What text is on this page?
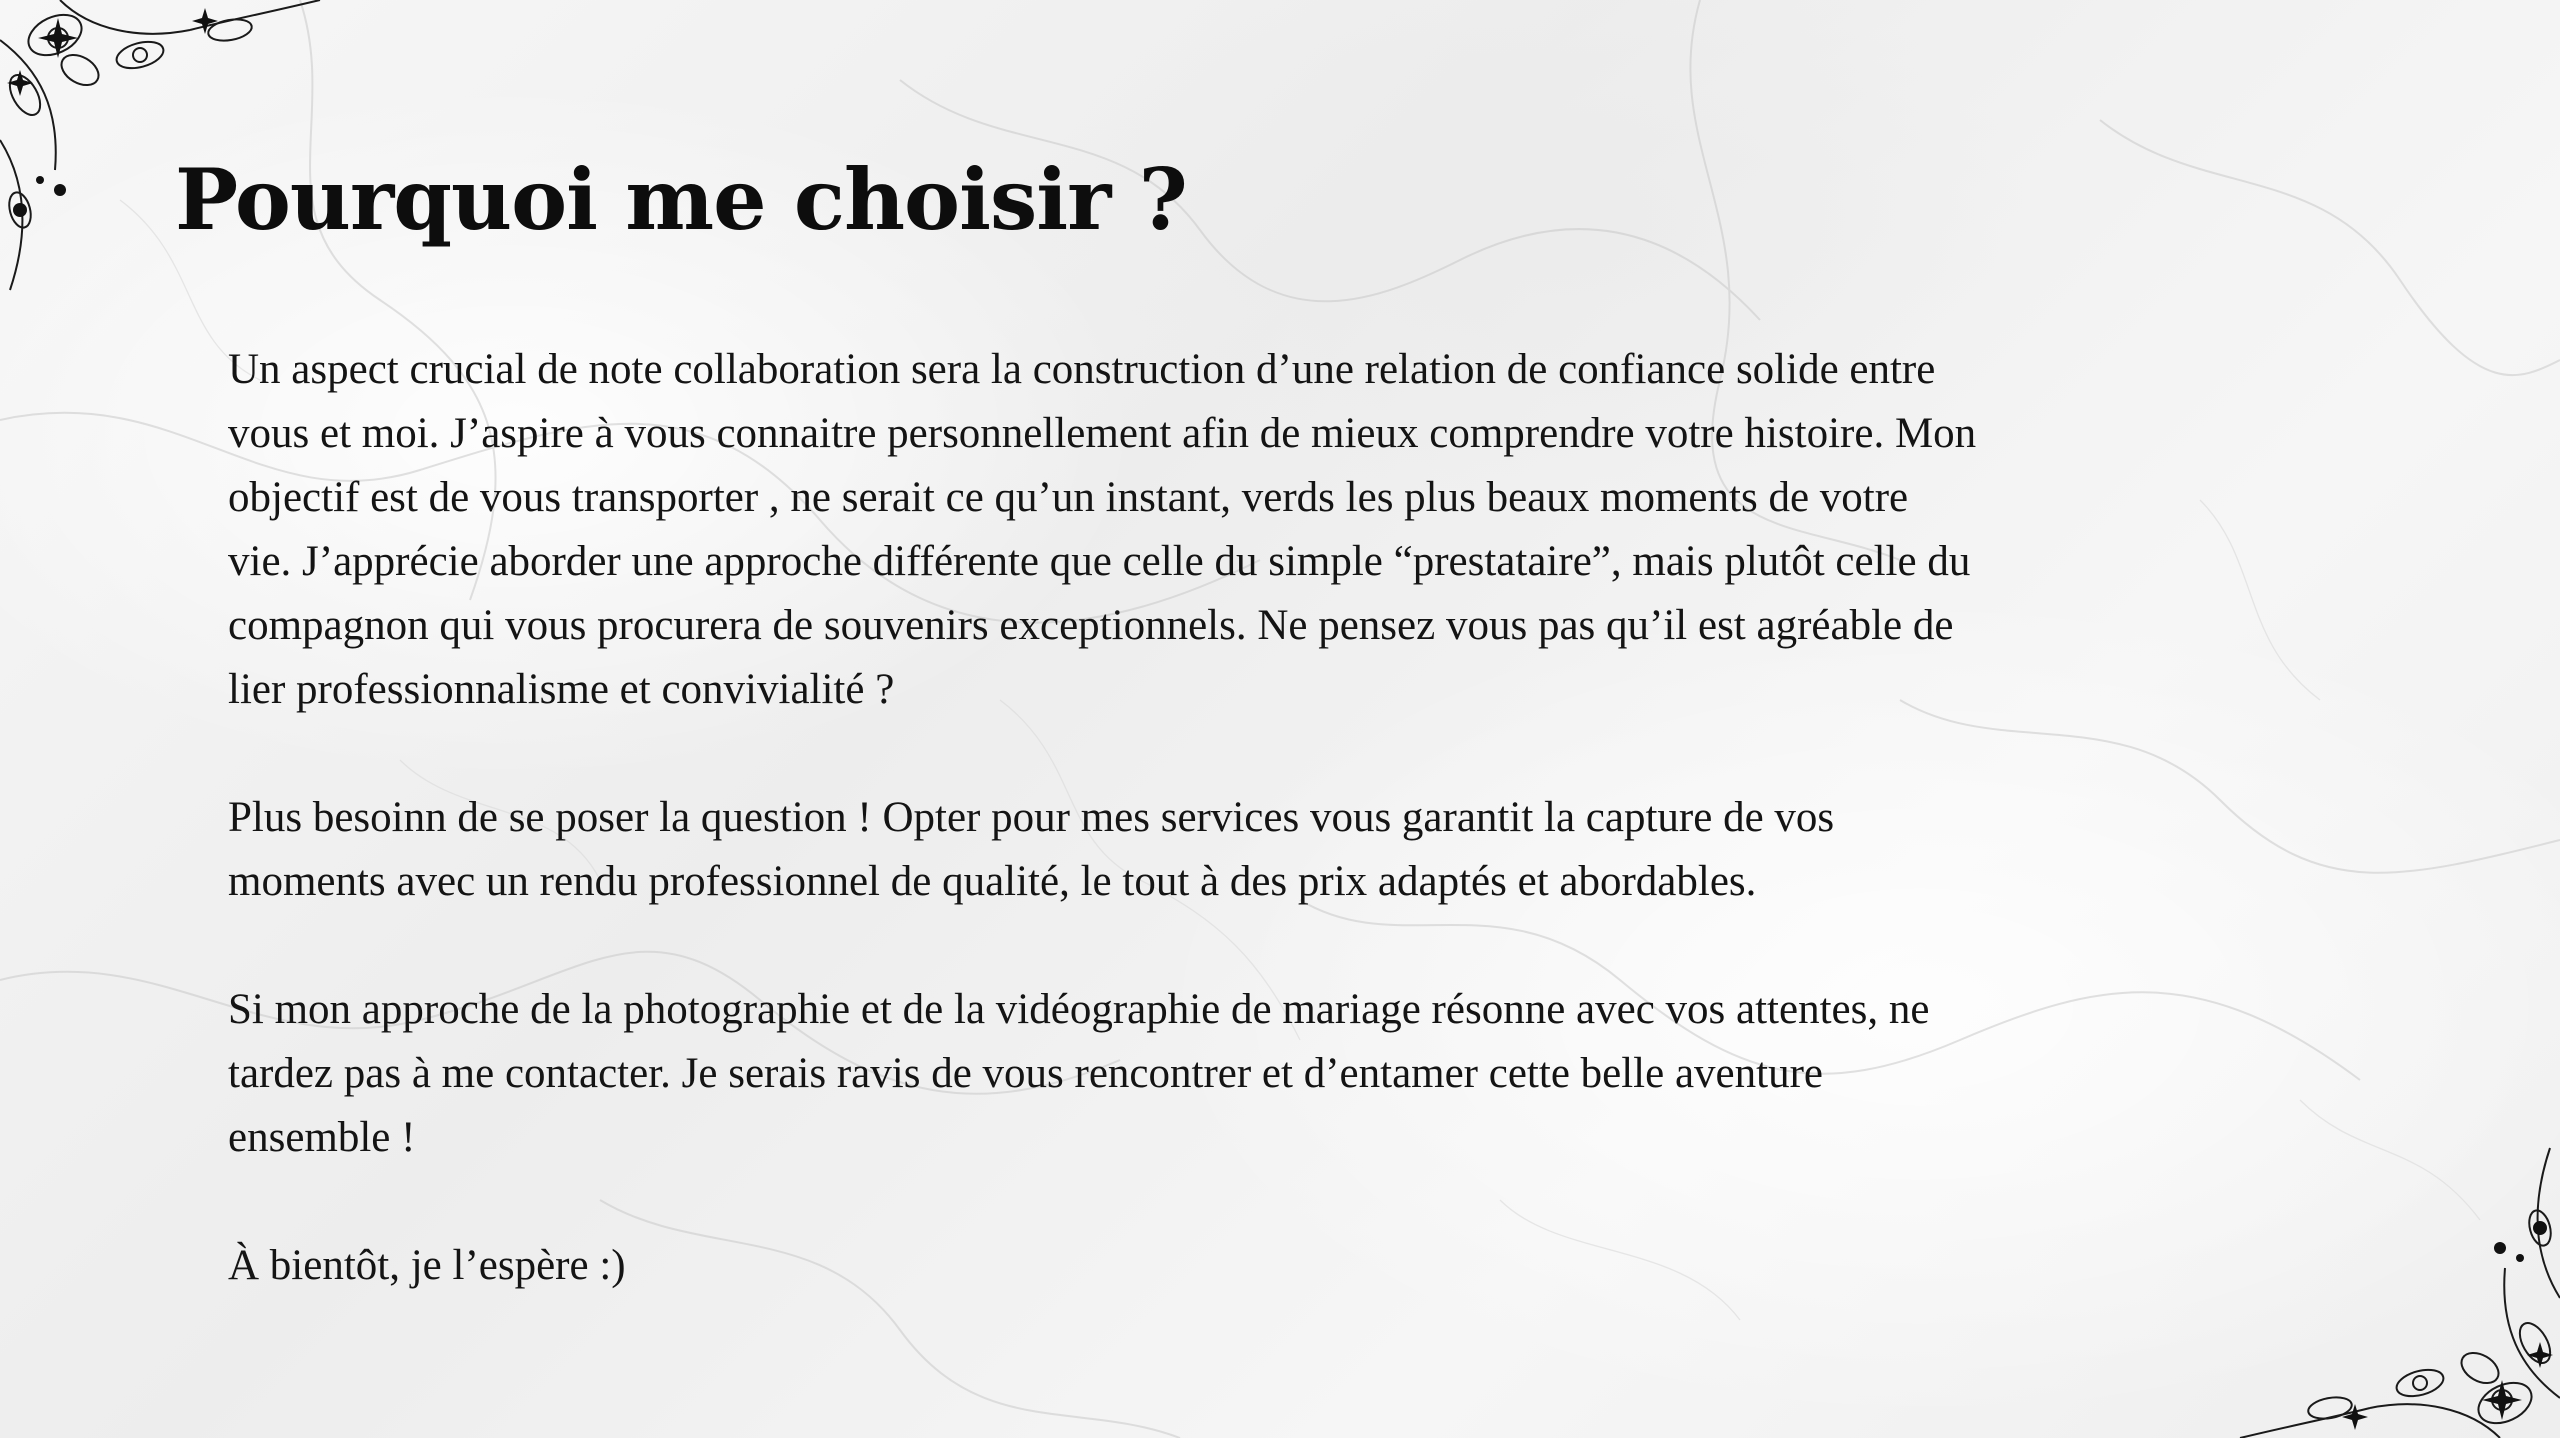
Pourquoi me choisir ?

Un aspect crucial de note collaboration sera la construction d’une relation de confiance solide entre
vous et moi. J’aspire à vous connaitre personnellement afin de mieux comprendre votre histoire. Mon
objectif est de vous transporter , ne serait ce qu’un instant, verds les plus beaux moments de votre
vie. J’apprécie aborder une approche différente que celle du simple “prestataire”, mais plutôt celle du
compagnon qui vous procurera de souvenirs exceptionnels. Ne pensez vous pas qu’il est agréable de
lier professionnalisme et convivialité ?

Plus besoinn de se poser la question ! Opter pour mes services vous garantit la capture de vos
moments avec un rendu professionnel de qualité, le tout à des prix adaptés et abordables.

Si mon approche de la photographie et de la vidéographie de mariage résonne avec vos attentes, ne
tardez pas à me contacter. Je serais ravis de vous rencontrer et d’entamer cette belle aventure
ensemble !

À bientôt, je l’espère :)
